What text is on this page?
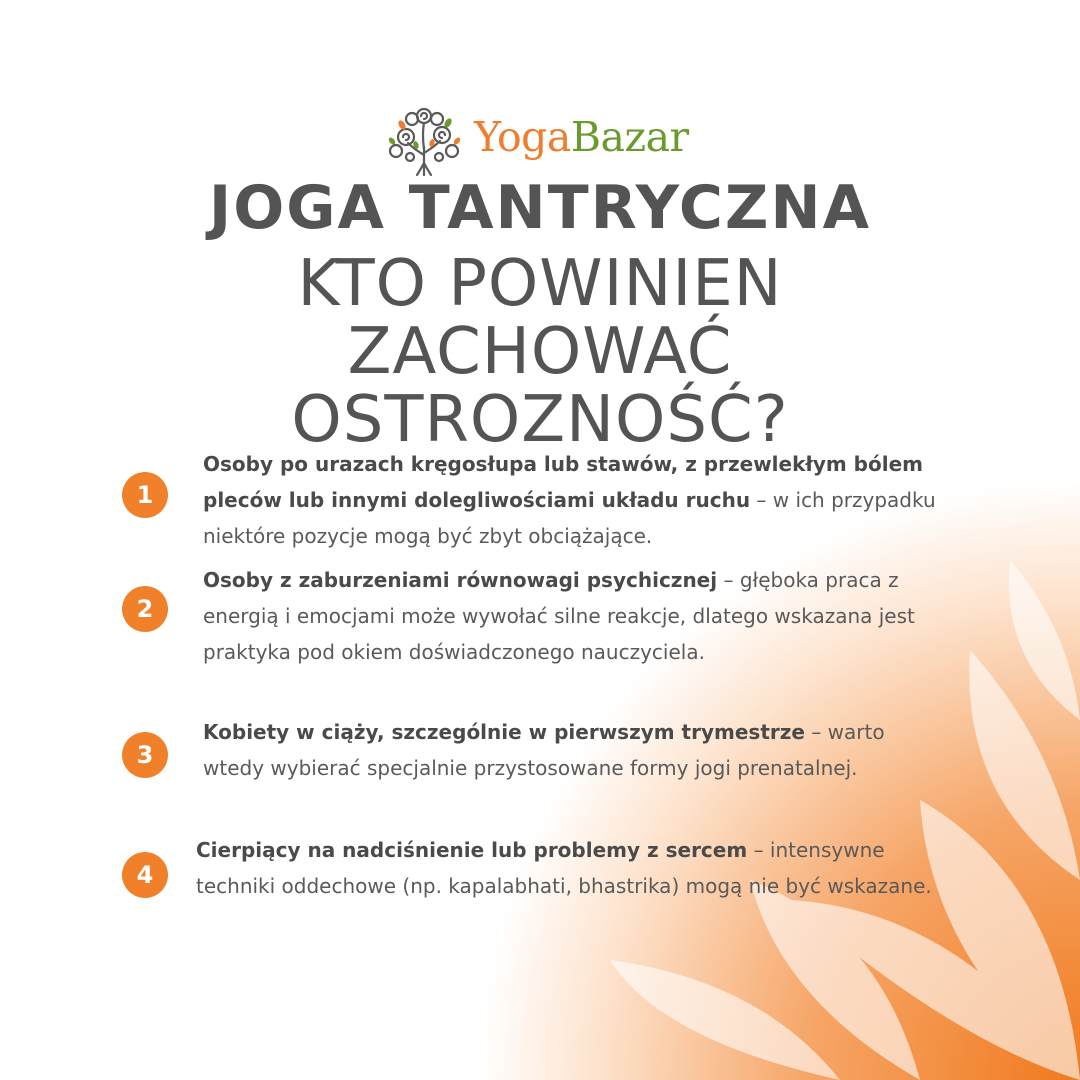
YogaBazar
JOGA TANTRYCZNA
KTO POWINIEN
ZACHOWAĆ
OSTROZNOŚĆ?
1
Osoby po urazach kręgosłupa lub stawów, z przewlekłym bólem pleców lub innymi dolegliwościami układu ruchu – w ich przypadku niektóre pozycje mogą być zbyt obciążające.
2
Osoby z zaburzeniami równowagi psychicznej – głęboka praca z energią i emocjami może wywołać silne reakcje, dlatego wskazana jest praktyka pod okiem doświadczonego nauczyciela.
3
Kobiety w ciąży, szczególnie w pierwszym trymestrze – warto wtedy wybierać specjalnie przystosowane formy jogi prenatalnej.
4
Cierpiący na nadciśnienie lub problemy z sercem – intensywne techniki oddechowe (np. kapalabhati, bhastrika) mogą nie być wskazane.
